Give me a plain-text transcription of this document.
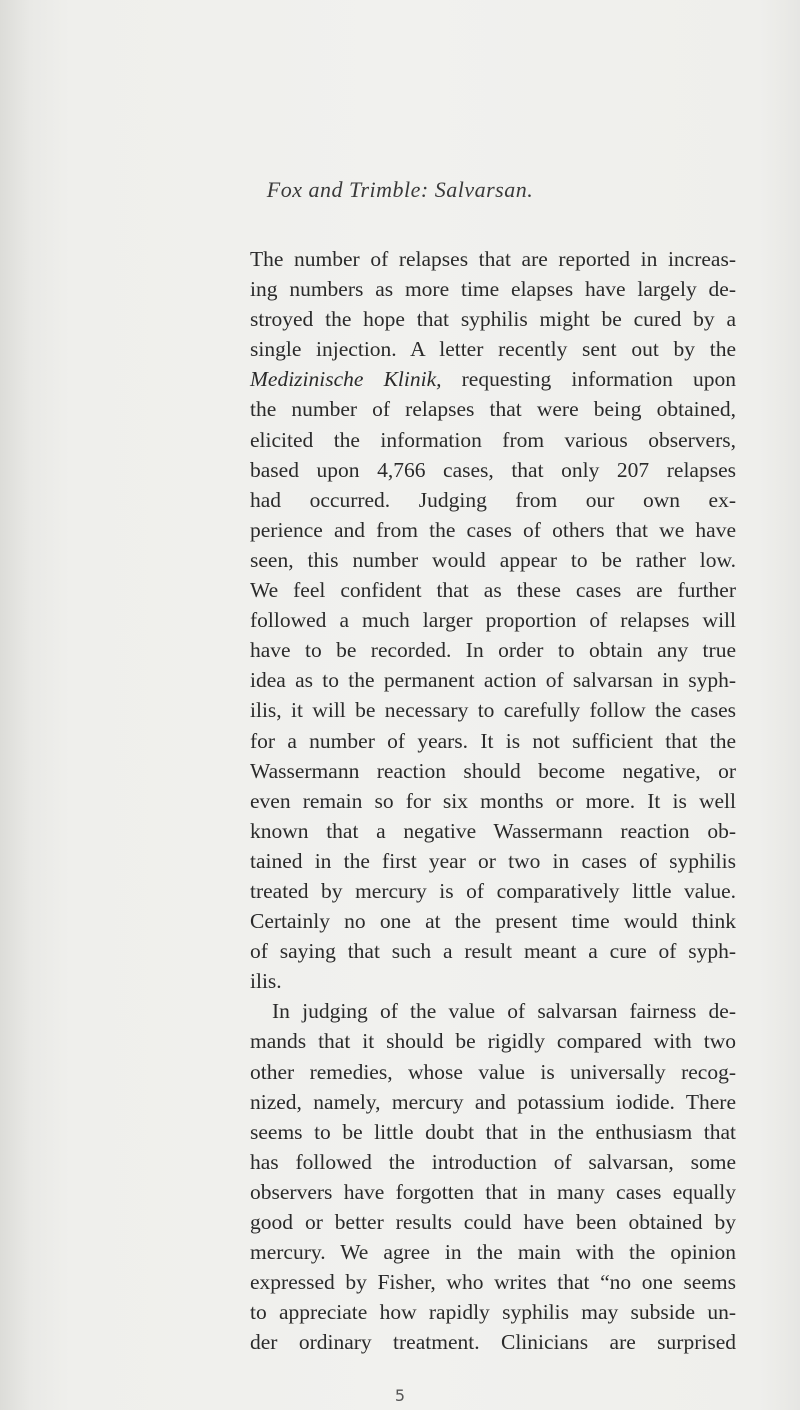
Fox and Trimble: Salvarsan.
The number of relapses that are reported in increas-
ing numbers as more time elapses have largely de-
stroyed the hope that syphilis might be cured by a
single injection. A letter recently sent out by the
Medizinische Klinik, requesting information upon
the number of relapses that were being obtained,
elicited the information from various observers,
based upon 4,766 cases, that only 207 relapses
had occurred. Judging from our own ex-
perience and from the cases of others that we have
seen, this number would appear to be rather low.
We feel confident that as these cases are further
followed a much larger proportion of relapses will
have to be recorded. In order to obtain any true
idea as to the permanent action of salvarsan in syph-
ilis, it will be necessary to carefully follow the cases
for a number of years. It is not sufficient that the
Wassermann reaction should become negative, or
even remain so for six months or more. It is well
known that a negative Wassermann reaction ob-
tained in the first year or two in cases of syphilis
treated by mercury is of comparatively little value.
Certainly no one at the present time would think
of saying that such a result meant a cure of syph-
ilis.
In judging of the value of salvarsan fairness de-
mands that it should be rigidly compared with two
other remedies, whose value is universally recog-
nized, namely, mercury and potassium iodide. There
seems to be little doubt that in the enthusiasm that
has followed the introduction of salvarsan, some
observers have forgotten that in many cases equally
good or better results could have been obtained by
mercury. We agree in the main with the opinion
expressed by Fisher, who writes that “no one seems
to appreciate how rapidly syphilis may subside un-
der ordinary treatment. Clinicians are surprised
5
